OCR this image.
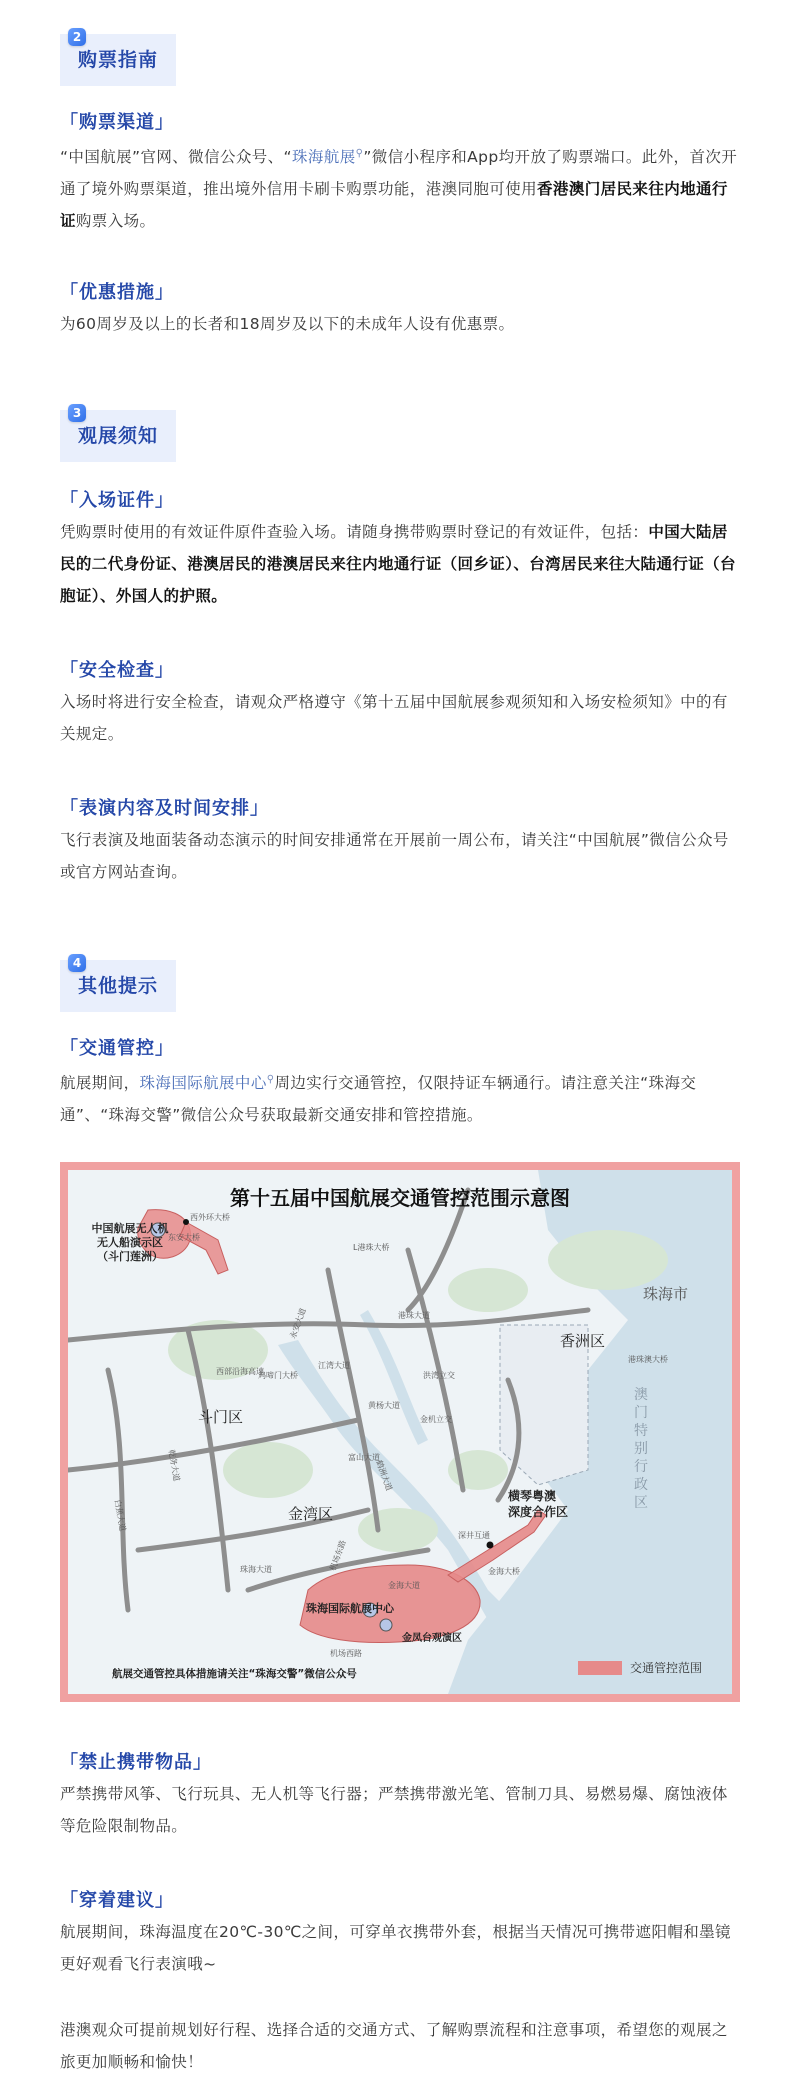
2
购票指南
「购票渠道」
“中国航展”官网、微信公众号、“珠海航展⚲”微信小程序和App均开放了购票端口。此外，首次开通了境外购票渠道，推出境外信用卡刷卡购票功能，港澳同胞可使用香港澳门居民来往内地通行证购票入场。
「优惠措施」
为60周岁及以上的长者和18周岁及以下的未成年人设有优惠票。
3
观展须知
「入场证件」
凭购票时使用的有效证件原件查验入场。请随身携带购票时登记的有效证件，包括：中国大陆居民的二代身份证、港澳居民的港澳居民来往内地通行证（回乡证）、台湾居民来往大陆通行证（台胞证）、外国人的护照。
「安全检查」
入场时将进行安全检查，请观众严格遵守《第十五届中国航展参观须知和入场安检须知》中的有关规定。
「表演内容及时间安排」
飞行表演及地面装备动态演示的时间安排通常在开展前一周公布，请关注“中国航展”微信公众号或官方网站查询。
4
其他提示
「交通管控」
航展期间，珠海国际航展中心⚲周边实行交通管控，仅限持证车辆通行。请注意关注“珠海交通”、“珠海交警”微信公众号获取最新交通安排和管控措施。
第十五届中国航展交通管控范围示意图
中国航展无人机
无人船演示区
（斗门莲洲）
西外环大桥
东安大桥
L港珠大桥
斗门区
金湾区
香洲区
珠海市
港珠澳大桥
澳门特别行政区
横琴粤澳
深度合作区
深井互通
金海大桥
珠海国际航展中心
金凤台观演区
机场西路
永安大道
西部沿海高速
珠海大道	机场东路
黄杨大道
洪湾立交
金机立交
金海大道
鹤洲大道
白蕉大道
乾务大道
鸡啼门大桥
江湾大道
富山大道
港珠大道
航展交通管控具体措施请关注“珠海交警”微信公众号	交通管控范围
「禁止携带物品」
严禁携带风筝、飞行玩具、无人机等飞行器；严禁携带激光笔、管制刀具、易燃易爆、腐蚀液体等危险限制物品。
「穿着建议」
航展期间，珠海温度在20℃-30℃之间，可穿单衣携带外套，根据当天情况可携带遮阳帽和墨镜更好观看飞行表演哦~
港澳观众可提前规划好行程、选择合适的交通方式、了解购票流程和注意事项，希望您的观展之旅更加顺畅和愉快！
